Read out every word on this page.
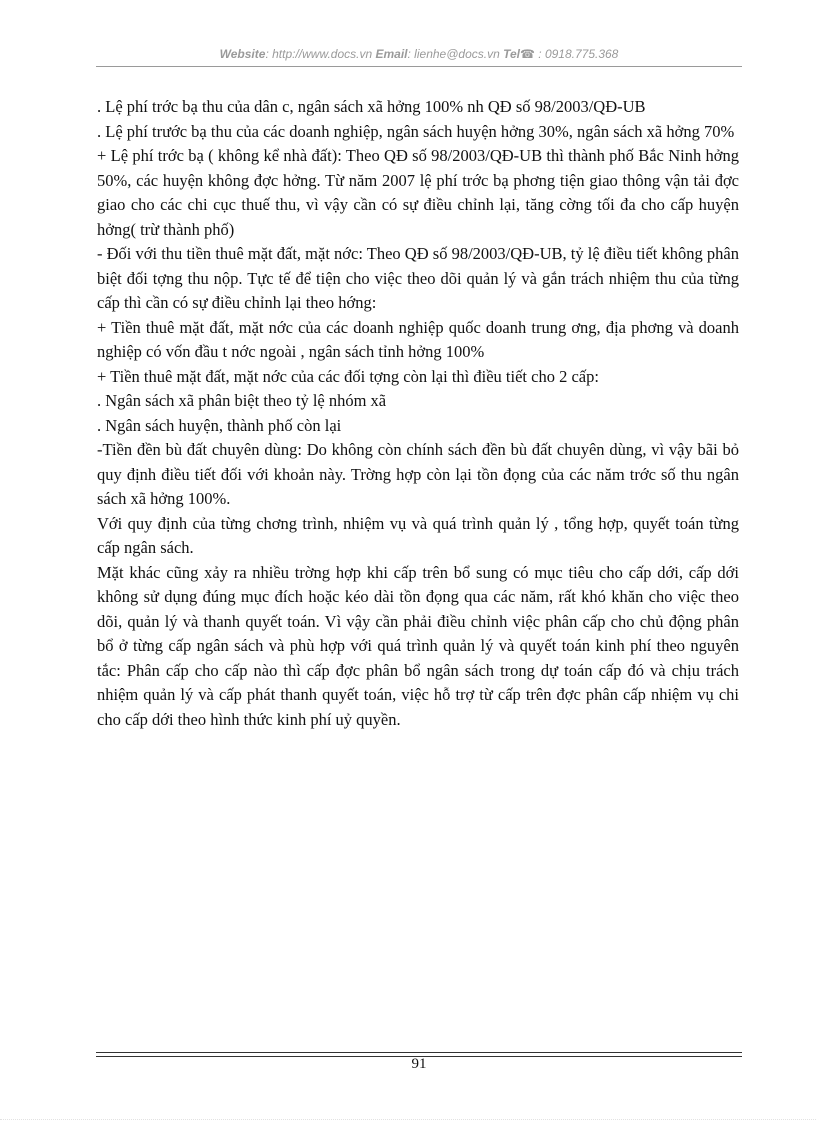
Website: http://www.docs.vn Email: lienhe@docs.vn Tel☎ : 0918.775.368

. Lệ phí trớc bạ thu của dân c, ngân sách xã hởng 100% nh QĐ số 98/2003/QĐ-UB

. Lệ phí trước bạ thu của các doanh nghiệp, ngân sách huyện hởng 30%, ngân sách xã hởng 70%

+ Lệ phí trớc bạ ( không kể nhà đất): Theo QĐ số 98/2003/QĐ-UB thì thành phố Bắc Ninh hởng 50%, các huyện không đợc hởng. Từ năm 2007 lệ phí trớc bạ phơng tiện giao thông vận tải đợc giao cho các chi cục thuế thu, vì vậy cần có sự điều chỉnh lại, tăng cờng tối đa cho cấp huyện hởng( trừ thành phố)

- Đối với thu tiền thuê mặt đất, mặt nớc: Theo QĐ số 98/2003/QĐ-UB, tỷ lệ điều tiết không phân biệt đối tợng thu nộp. Tực tế để tiện cho việc theo dõi quản lý và gắn trách nhiệm thu của từng cấp thì cần có sự điều chỉnh lại theo hớng:

+ Tiền thuê mặt đất, mặt nớc của các doanh nghiệp quốc doanh trung ơng, địa phơng và doanh nghiệp có vốn đầu t nớc ngoài , ngân sách tỉnh hởng 100%

+ Tiền thuê mặt đất, mặt nớc của các đối tợng còn lại thì điều tiết cho 2 cấp:

. Ngân sách xã phân biệt theo tỷ lệ nhóm xã

. Ngân sách huyện, thành phố còn lại

-Tiền đền bù đất chuyên dùng: Do không còn chính sách đền bù đất chuyên dùng, vì vậy bãi bỏ quy định điều tiết đối với khoản này. Trờng hợp còn lại tồn đọng của các năm trớc số thu ngân sách xã hởng 100%.

Với quy định của từng chơng trình, nhiệm vụ và quá trình quản lý , tổng hợp, quyết toán từng cấp ngân sách.

Mặt khác cũng xảy ra nhiều trờng hợp khi cấp trên bổ sung có mục tiêu cho cấp dới, cấp dới không sử dụng đúng mục đích hoặc kéo dài tồn đọng qua các năm, rất khó khăn cho việc theo dõi, quản lý và thanh quyết toán. Vì vậy cần phải điều chỉnh việc phân cấp cho chủ động phân bổ ở từng cấp ngân sách và phù hợp với quá trình quản lý và quyết toán kinh phí theo nguyên tắc: Phân cấp cho cấp nào thì cấp đợc phân bổ ngân sách trong dự toán cấp đó và chịu trách nhiệm quản lý và cấp phát thanh quyết toán, việc hỗ trợ từ cấp trên đợc phân cấp nhiệm vụ chi cho cấp dới theo hình thức kinh phí uỷ quyền.

91
